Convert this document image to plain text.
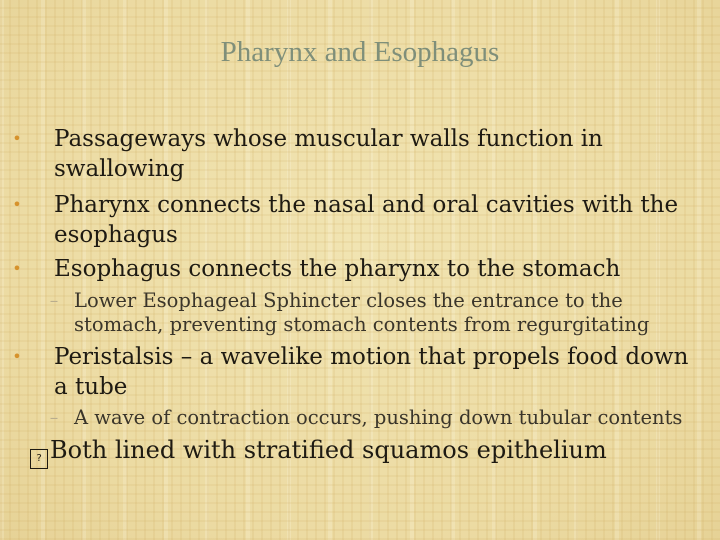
Pharynx and Esophagus
• Passageways whose muscular walls function in swallowing
• Pharynx connects the nasal and oral cavities with the esophagus
• Esophagus connects the pharynx to the stomach
– Lower Esophageal Sphincter closes the entrance to the stomach, preventing stomach contents from regurgitating
• Peristalsis – a wavelike motion that propels food down a tube
– A wave of contraction occurs, pushing down tubular contents
? Both lined with stratified squamos epithelium
